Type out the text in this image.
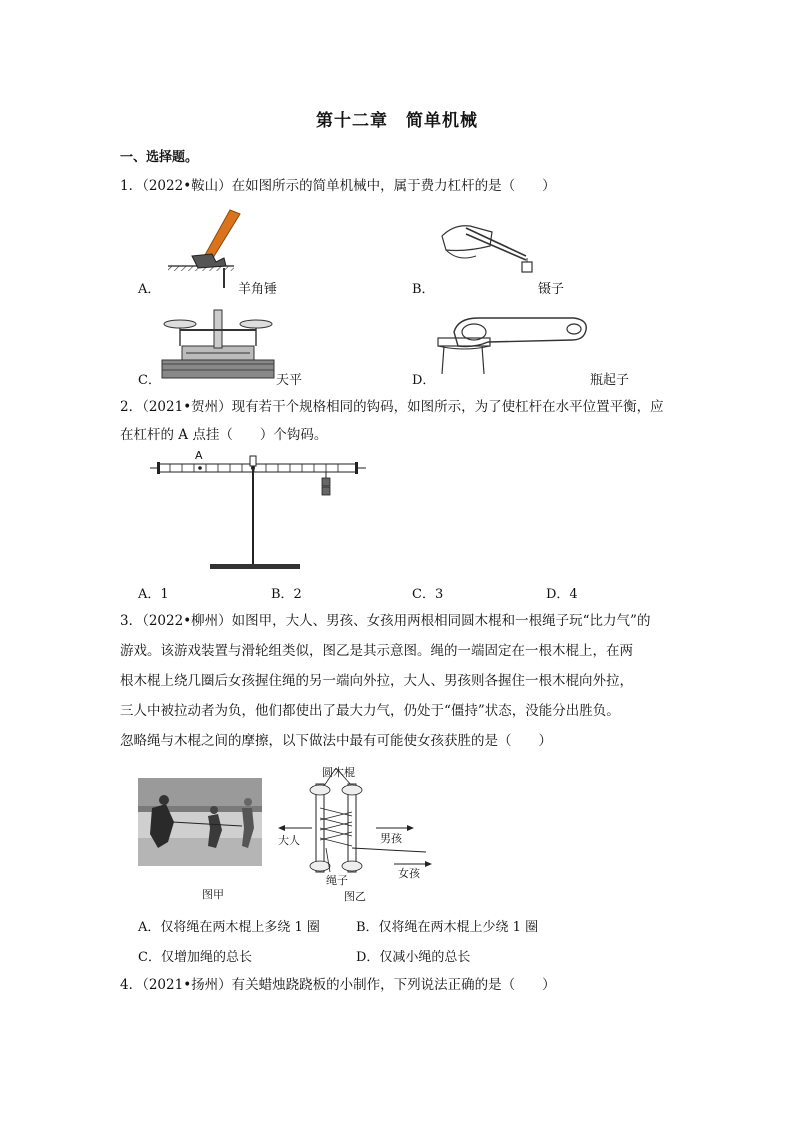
第十二章　简单机械
一、选择题。
1．（2022•鞍山）在如图所示的简单机械中，属于费力杠杆的是（　　）
A．	羊角锤	B．	镊子
C．	天平	D．	瓶起子
2．（2021•贺州）现有若干个规格相同的钩码，如图所示，为了使杠杆在水平位置平衡，应
在杠杆的 A 点挂（　　）个钩码。
A
A．1	B．2	C．3	D．4
3．（2022•柳州）如图甲，大人、男孩、女孩用两根相同圆木棍和一根绳子玩“比力气”的
游戏。该游戏装置与滑轮组类似，图乙是其示意图。绳的一端固定在一根木棍上，在两
根木棍上绕几圈后女孩握住绳的另一端向外拉，大人、男孩则各握住一根木棍向外拉，
三人中被拉动者为负，他们都使出了最大力气，仍处于“僵持”状态，没能分出胜负。
忽略绳与木棍之间的摩擦，以下做法中最有可能使女孩获胜的是（　　）
图甲
圆木棍
大人	男孩
绳子
女孩
图乙
A．仅将绳在两木棍上多绕 1 圈	B．仅将绳在两木棍上少绕 1 圈
C．仅增加绳的总长	D．仅减小绳的总长
4．（2021•扬州）有关蜡烛跷跷板的小制作，下列说法正确的是（　　）
